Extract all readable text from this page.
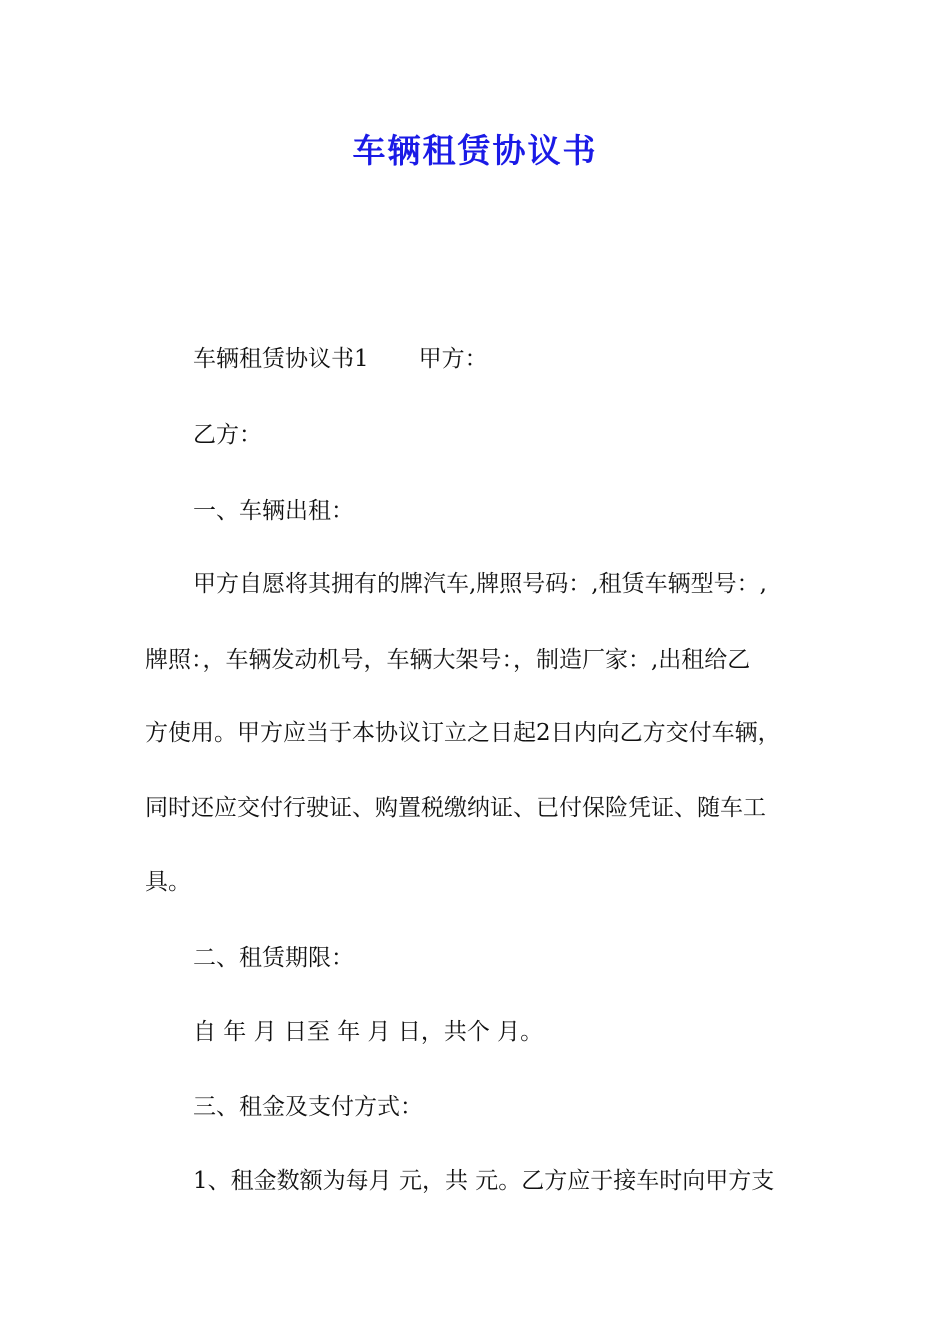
车辆租赁协议书

车辆租赁协议书1 甲方：

乙方：

一、车辆出租：

甲方自愿将其拥有的牌汽车,牌照号码：,租赁车辆型号：,

牌照：，车辆发动机号，车辆大架号：，制造厂家：,出租给乙

方使用。甲方应当于本协议订立之日起2日内向乙方交付车辆，

同时还应交付行驶证、购置税缴纳证、已付保险凭证、随车工

具。

二、租赁期限：

自 年 月 日至 年 月 日，共个 月。

三、租金及支付方式：

1、租金数额为每月 元，共 元。乙方应于接车时向甲方支
